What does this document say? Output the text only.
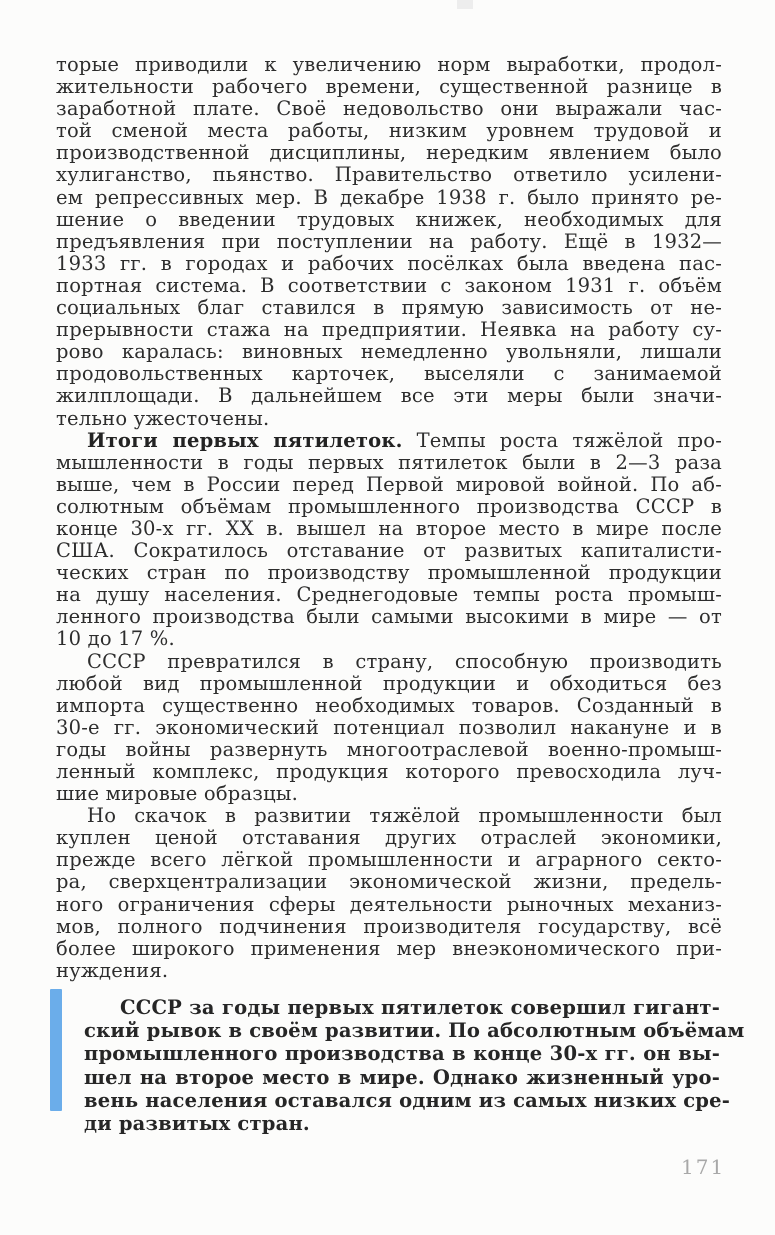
торые приводили к увеличению норм выработки, продол-
жительности рабочего времени, существенной разнице в
заработной плате. Своё недовольство они выражали час-
той сменой места работы, низким уровнем трудовой и
производственной дисциплины, нередким явлением было
хулиганство, пьянство. Правительство ответило усилени-
ем репрессивных мер. В декабре 1938 г. было принято ре-
шение о введении трудовых книжек, необходимых для
предъявления при поступлении на работу. Ещё в 1932—
1933 гг. в городах и рабочих посёлках была введена пас-
портная система. В соответствии с законом 1931 г. объём
социальных благ ставился в прямую зависимость от не-
прерывности стажа на предприятии. Неявка на работу су-
рово каралась: виновных немедленно увольняли, лишали
продовольственных карточек, выселяли с занимаемой
жилплощади. В дальнейшем все эти меры были значи-
тельно ужесточены.
Итоги первых пятилеток. Темпы роста тяжёлой про-
мышленности в годы первых пятилеток были в 2—3 раза
выше, чем в России перед Первой мировой войной. По аб-
солютным объёмам промышленного производства СССР в
конце 30-х гг. XX в. вышел на второе место в мире после
США. Сократилось отставание от развитых капиталисти-
ческих стран по производству промышленной продукции
на душу населения. Среднегодовые темпы роста промыш-
ленного производства были самыми высокими в мире — от
10 до 17 %.
СССР превратился в страну, способную производить
любой вид промышленной продукции и обходиться без
импорта существенно необходимых товаров. Созданный в
30-е гг. экономический потенциал позволил накануне и в
годы войны развернуть многоотраслевой военно-промыш-
ленный комплекс, продукция которого превосходила луч-
шие мировые образцы.
Но скачок в развитии тяжёлой промышленности был
куплен ценой отставания других отраслей экономики,
прежде всего лёгкой промышленности и аграрного секто-
ра, сверхцентрализации экономической жизни, предель-
ного ограничения сферы деятельности рыночных механиз-
мов, полного подчинения производителя государству, всё
более широкого применения мер внеэкономического при-
нуждения.
СССР за годы первых пятилеток совершил гигант-
ский рывок в своём развитии. По абсолютным объёмам
промышленного производства в конце 30-х гг. он вы-
шел на второе место в мире. Однако жизненный уро-
вень населения оставался одним из самых низких сре-
ди развитых стран.
171
